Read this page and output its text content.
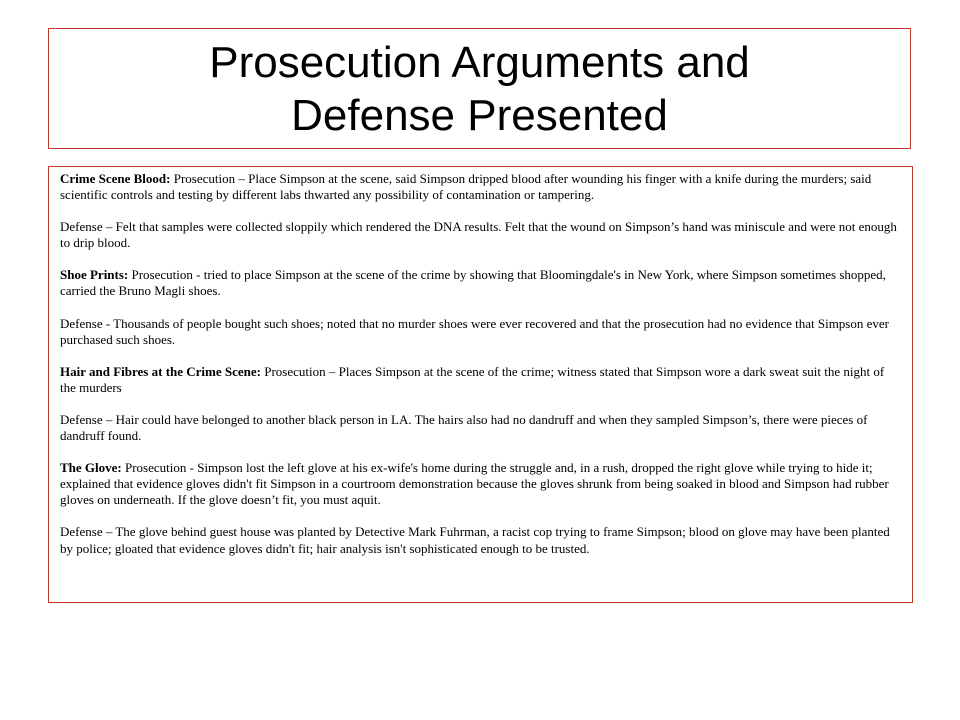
Prosecution Arguments and
Defense Presented

Crime Scene Blood: Prosecution – Place Simpson at the scene, said Simpson dripped blood after wounding his finger with a knife during the murders; said scientific controls and testing by different labs thwarted any possibility of contamination or tampering.

Defense – Felt that samples were collected sloppily which rendered the DNA results. Felt that the wound on Simpson’s hand was miniscule and were not enough to drip blood.

Shoe Prints: Prosecution - tried to place Simpson at the scene of the crime by showing that Bloomingdale's in New York, where Simpson sometimes shopped, carried the Bruno Magli shoes.

Defense - Thousands of people bought such shoes; noted that no murder shoes were ever recovered and that the prosecution had no evidence that Simpson ever purchased such shoes.

Hair and Fibres at the Crime Scene: Prosecution – Places Simpson at the scene of the crime; witness stated that Simpson wore a dark sweat suit the night of the murders

Defense – Hair could have belonged to another black person in LA. The hairs also had no dandruff and when they sampled Simpson’s, there were pieces of dandruff found.

The Glove: Prosecution - Simpson lost the left glove at his ex-wife's home during the struggle and, in a rush, dropped the right glove while trying to hide it; explained that evidence gloves didn't fit Simpson in a courtroom demonstration because the gloves shrunk from being soaked in blood and Simpson had rubber gloves on underneath. If the glove doesn’t fit, you must aquit.

Defense – The glove behind guest house was planted by Detective Mark Fuhrman, a racist cop trying to frame Simpson; blood on glove may have been planted by police; gloated that evidence gloves didn't fit; hair analysis isn't sophisticated enough to be trusted.
